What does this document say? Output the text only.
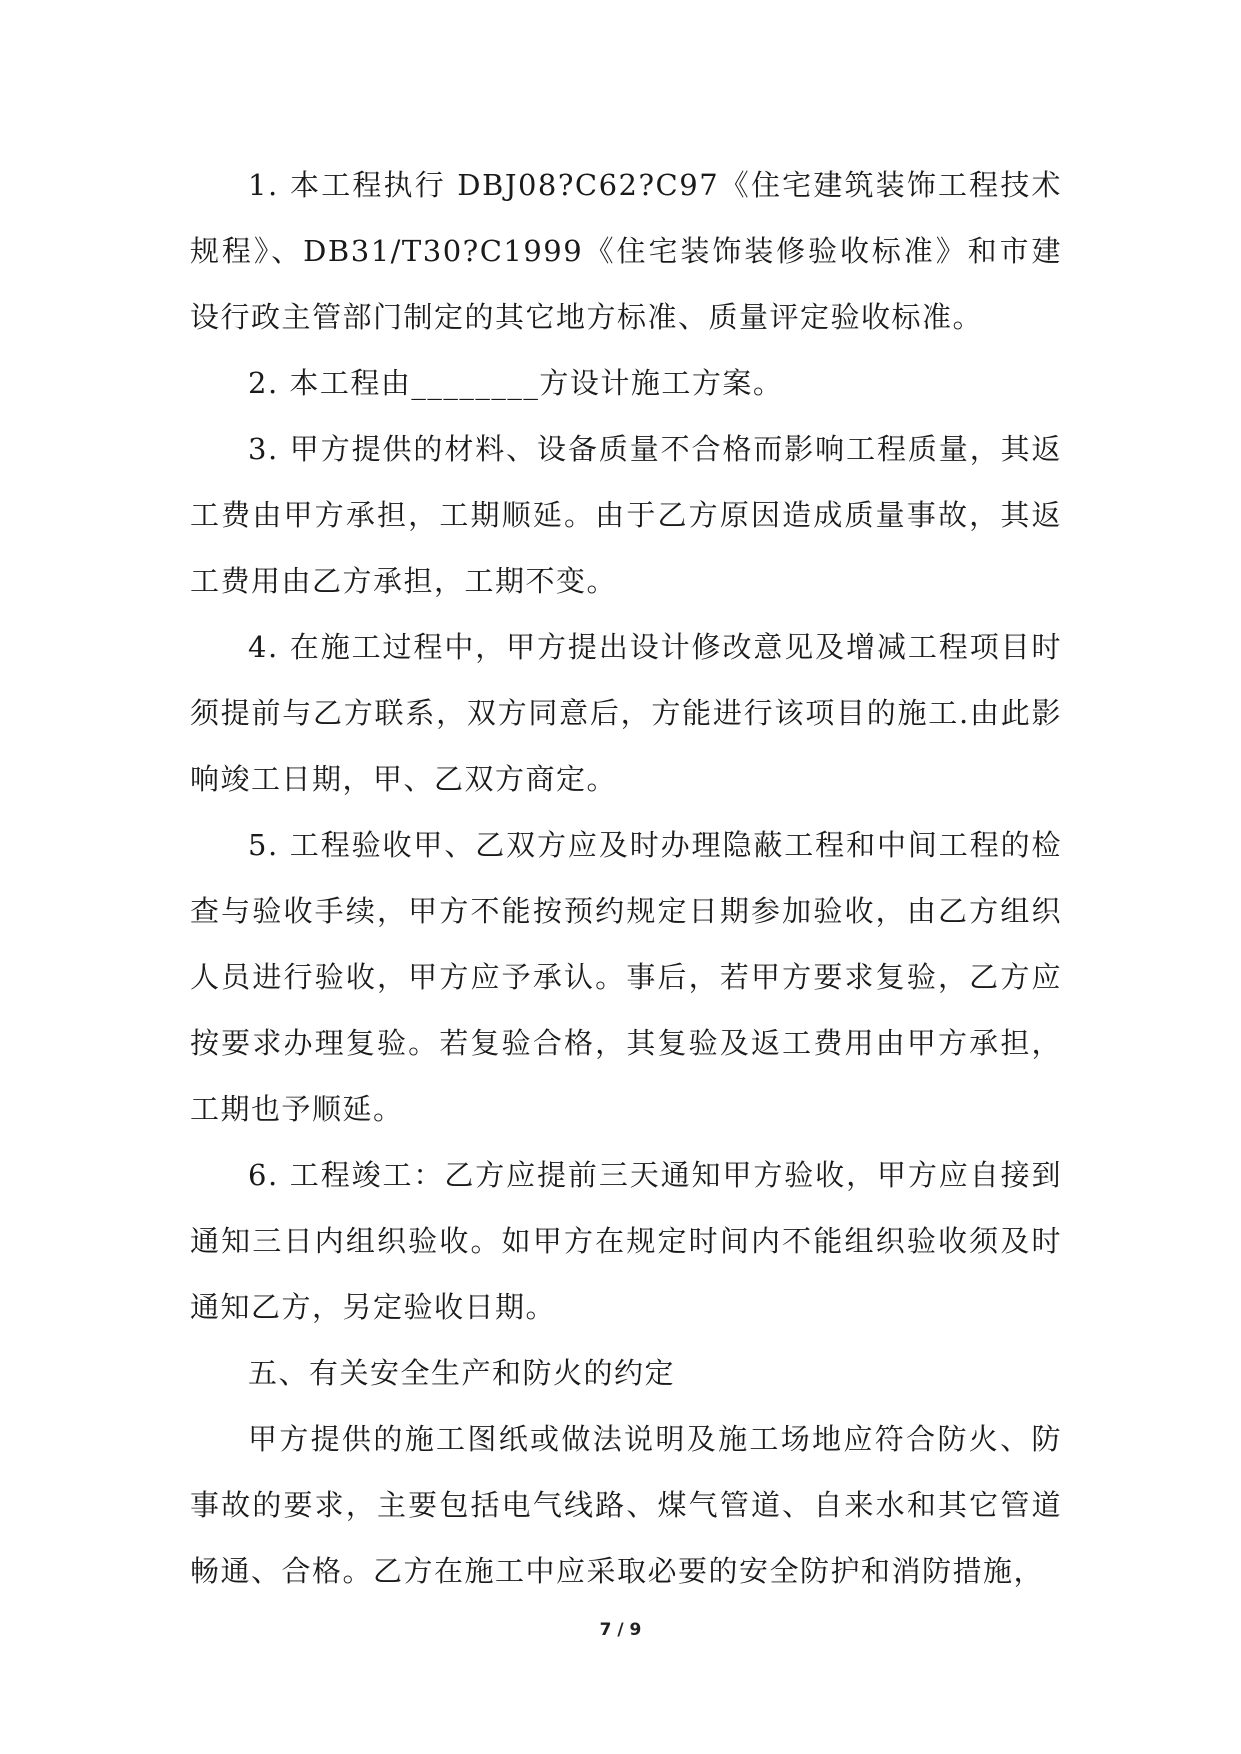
1. 本工程执行 DBJ08?C62?C97《住宅建筑装饰工程技术规程》、DB31/T30?C1999《住宅装饰装修验收标准》和市建设行政主管部门制定的其它地方标准、质量评定验收标准。

2. 本工程由________方设计施工方案。

3. 甲方提供的材料、设备质量不合格而影响工程质量，其返工费由甲方承担，工期顺延。由于乙方原因造成质量事故，其返工费用由乙方承担，工期不变。

4. 在施工过程中，甲方提出设计修改意见及增减工程项目时须提前与乙方联系，双方同意后，方能进行该项目的施工.由此影响竣工日期，甲、乙双方商定。

5. 工程验收甲、乙双方应及时办理隐蔽工程和中间工程的检查与验收手续，甲方不能按预约规定日期参加验收，由乙方组织人员进行验收，甲方应予承认。事后，若甲方要求复验，乙方应按要求办理复验。若复验合格，其复验及返工费用由甲方承担，工期也予顺延。

6. 工程竣工：乙方应提前三天通知甲方验收，甲方应自接到通知三日内组织验收。如甲方在规定时间内不能组织验收须及时通知乙方，另定验收日期。

五、有关安全生产和防火的约定

甲方提供的施工图纸或做法说明及施工场地应符合防火、防事故的要求，主要包括电气线路、煤气管道、自来水和其它管道畅通、合格。乙方在施工中应采取必要的安全防护和消防措施，

7 / 9
